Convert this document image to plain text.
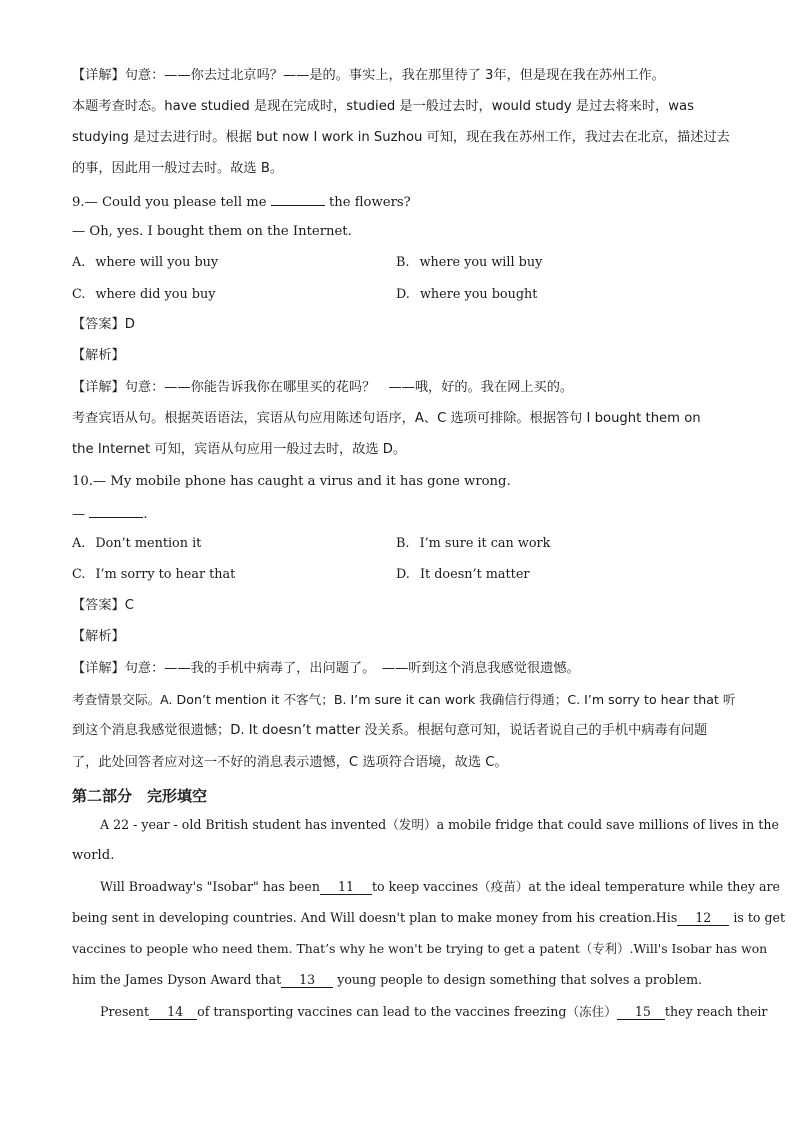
【详解】句意：——你去过北京吗？——是的。事实上，我在那里待了 3年，但是现在我在苏州工作。
本题考查时态。have studied 是现在完成时，studied 是一般过去时，would study 是过去将来时，was
studying 是过去进行时。根据 but now I work in Suzhou 可知，现在我在苏州工作，我过去在北京，描述过去
的事，因此用一般过去时。故选 B。
9.— Could you please tell me	the flowers?
— Oh, yes. I bought them on the Internet.
A. where will you buy	B. where you will buy
C. where did you buy	D. where you bought
【答案】D
【解析】
【详解】句意：——你能告诉我你在哪里买的花吗？　——哦，好的。我在网上买的。
考查宾语从句。根据英语语法，宾语从句应用陈述句语序，A、C 选项可排除。根据答句 I bought them on
the Internet 可知，宾语从句应用一般过去时，故选 D。
10.— My mobile phone has caught a virus and it has gone wrong.
—	.
A. Don’t mention it	B. I’m sure it can work
C. I’m sorry to hear that	D. It doesn’t matter
【答案】C
【解析】
【详解】句意：——我的手机中病毒了，出问题了。　——听到这个消息我感觉很遗憾。
考查情景交际。A. Don’t mention it 不客气；B. I’m sure it can work 我确信行得通；C. I’m sorry to hear that 听
到这个消息我感觉很遗憾；D. It doesn’t matter 没关系。根据句意可知，说话者说自己的手机中病毒有问题
了，此处回答者应对这一不好的消息表示遗憾，C 选项符合语境，故选 C。
第二部分　完形填空
A 22 - year - old British student has invented（发明）a mobile fridge that could save millions of lives in the
world.
Will Broadway's "Isobar" has been 11 to keep vaccines（疫苗）at the ideal temperature while they are
being sent in developing countries. And Will doesn't plan to make money from his creation.His 12 is to get
vaccines to people who need them. That’s why he won't be trying to get a patent（专利）.Will's Isobar has won
him the James Dyson Award that 13 young people to design something that solves a problem.
Present 14 of transporting vaccines can lead to the vaccines freezing（冻住） 15 they reach their
